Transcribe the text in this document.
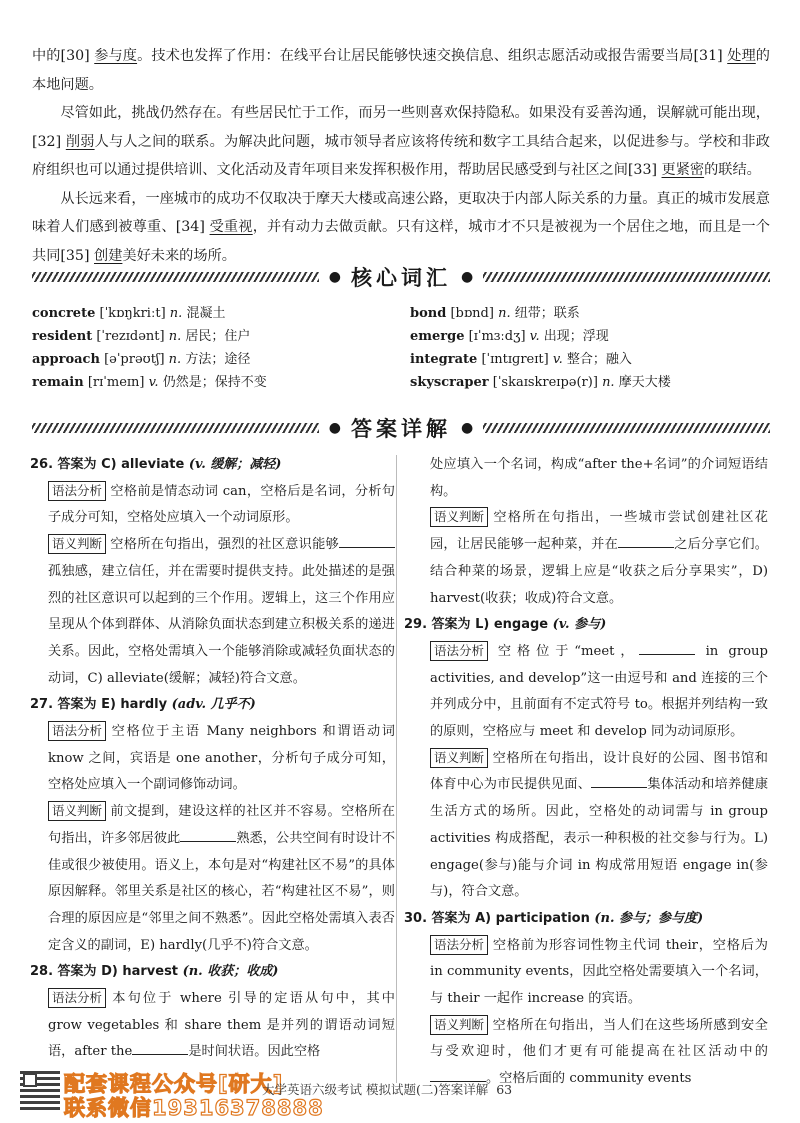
中的[30] 参与度。技术也发挥了作用：在线平台让居民能够快速交换信息、组织志愿活动或报告需要当局[31] 处理的本地问题。

尽管如此，挑战仍然存在。有些居民忙于工作，而另一些则喜欢保持隐私。如果没有妥善沟通，误解就可能出现，[32] 削弱人与人之间的联系。为解决此问题，城市领导者应该将传统和数字工具结合起来，以促进参与。学校和非政府组织也可以通过提供培训、文化活动及青年项目来发挥积极作用，帮助居民感受到与社区之间[33] 更紧密的联结。

从长远来看，一座城市的成功不仅取决于摩天大楼或高速公路，更取决于内部人际关系的力量。真正的城市发展意味着人们感到被尊重、[34] 受重视，并有动力去做贡献。只有这样，城市才不只是被视为一个居住之地，而且是一个共同[35] 创建美好未来的场所。

● 核心词汇 ●
concrete [ˈkɒŋkriːt] n. 混凝土
resident [ˈrezɪdənt] n. 居民；住户
approach [əˈprəʊtʃ] n. 方法；途径
remain [rɪˈmeɪn] v. 仍然是；保持不变
bond [bɒnd] n. 纽带；联系
emerge [ɪˈmɜːdʒ] v. 出现；浮现
integrate [ˈɪntɪɡreɪt] v. 整合；融入
skyscraper [ˈskaɪskreɪpə(r)] n. 摩天大楼
● 答案详解 ●

26. 答案为 C) alleviate (v. 缓解；减轻)

语法分析 空格前是情态动词 can，空格后是名词，分析句子成分可知，空格处应填入一个动词原形。

语义判断 空格所在句指出，强烈的社区意识能够孤独感，建立信任，并在需要时提供支持。此处描述的是强烈的社区意识可以起到的三个作用。逻辑上，这三个作用应呈现从个体到群体、从消除负面状态到建立积极关系的递进关系。因此，空格处需填入一个能够消除或减轻负面状态的动词，C) alleviate(缓解；减轻)符合文意。

27. 答案为 E) hardly (adv. 几乎不)

语法分析 空格位于主语 Many neighbors 和谓语动词 know 之间，宾语是 one another，分析句子成分可知，空格处应填入一个副词修饰动词。

语义判断 前文提到，建设这样的社区并不容易。空格所在句指出，许多邻居彼此	熟悉，公共空间有时设计不佳或很少被使用。语义上，本句是对“构建社区不易”的具体原因解释。邻里关系是社区的核心，若“构建社区不易”，则合理的原因应是“邻里之间不熟悉”。因此空格处需填入表否定含义的副词，E) hardly(几乎不)符合文意。

28. 答案为 D) harvest (n. 收获；收成)

语法分析 本句位于 where 引导的定语从句中，其中 grow vegetables 和 share them 是并列的谓语动词短语，after the	是时间状语。因此空格

处应填入一个名词，构成“after the+名词”的介词短语结构。

语义判断 空格所在句指出，一些城市尝试创建社区花园，让居民能够一起种菜，并在	之后分享它们。结合种菜的场景，逻辑上应是“收获之后分享果实”，D) harvest(收获；收成)符合文意。

29. 答案为 L) engage (v. 参与)

语法分析 空格位于“meet，	in group activities, and develop”这一由逗号和 and 连接的三个并列成分中，且前面有不定式符号 to。根据并列结构一致的原则，空格应与 meet 和 develop 同为动词原形。

语义判断 空格所在句指出，设计良好的公园、图书馆和体育中心为市民提供见面、	集体活动和培养健康生活方式的场所。因此，空格处的动词需与 in group activities 构成搭配，表示一种积极的社交参与行为。L) engage(参与)能与介词 in 构成常用短语 engage in(参与)，符合文意。

30. 答案为 A) participation (n. 参与；参与度)

语法分析 空格前为形容词性物主代词 their，空格后为 in community events，因此空格处需要填入一个名词，与 their 一起作 increase 的宾语。

语义判断 空格所在句指出，当人们在这些场所感到安全与受欢迎时，他们才更有可能提高在社区活动中的。空格后面的 community events

配套课程公众号[研大]
联系微信19316378888
大学英语六级考试 模拟试题(二)答案详解 63
